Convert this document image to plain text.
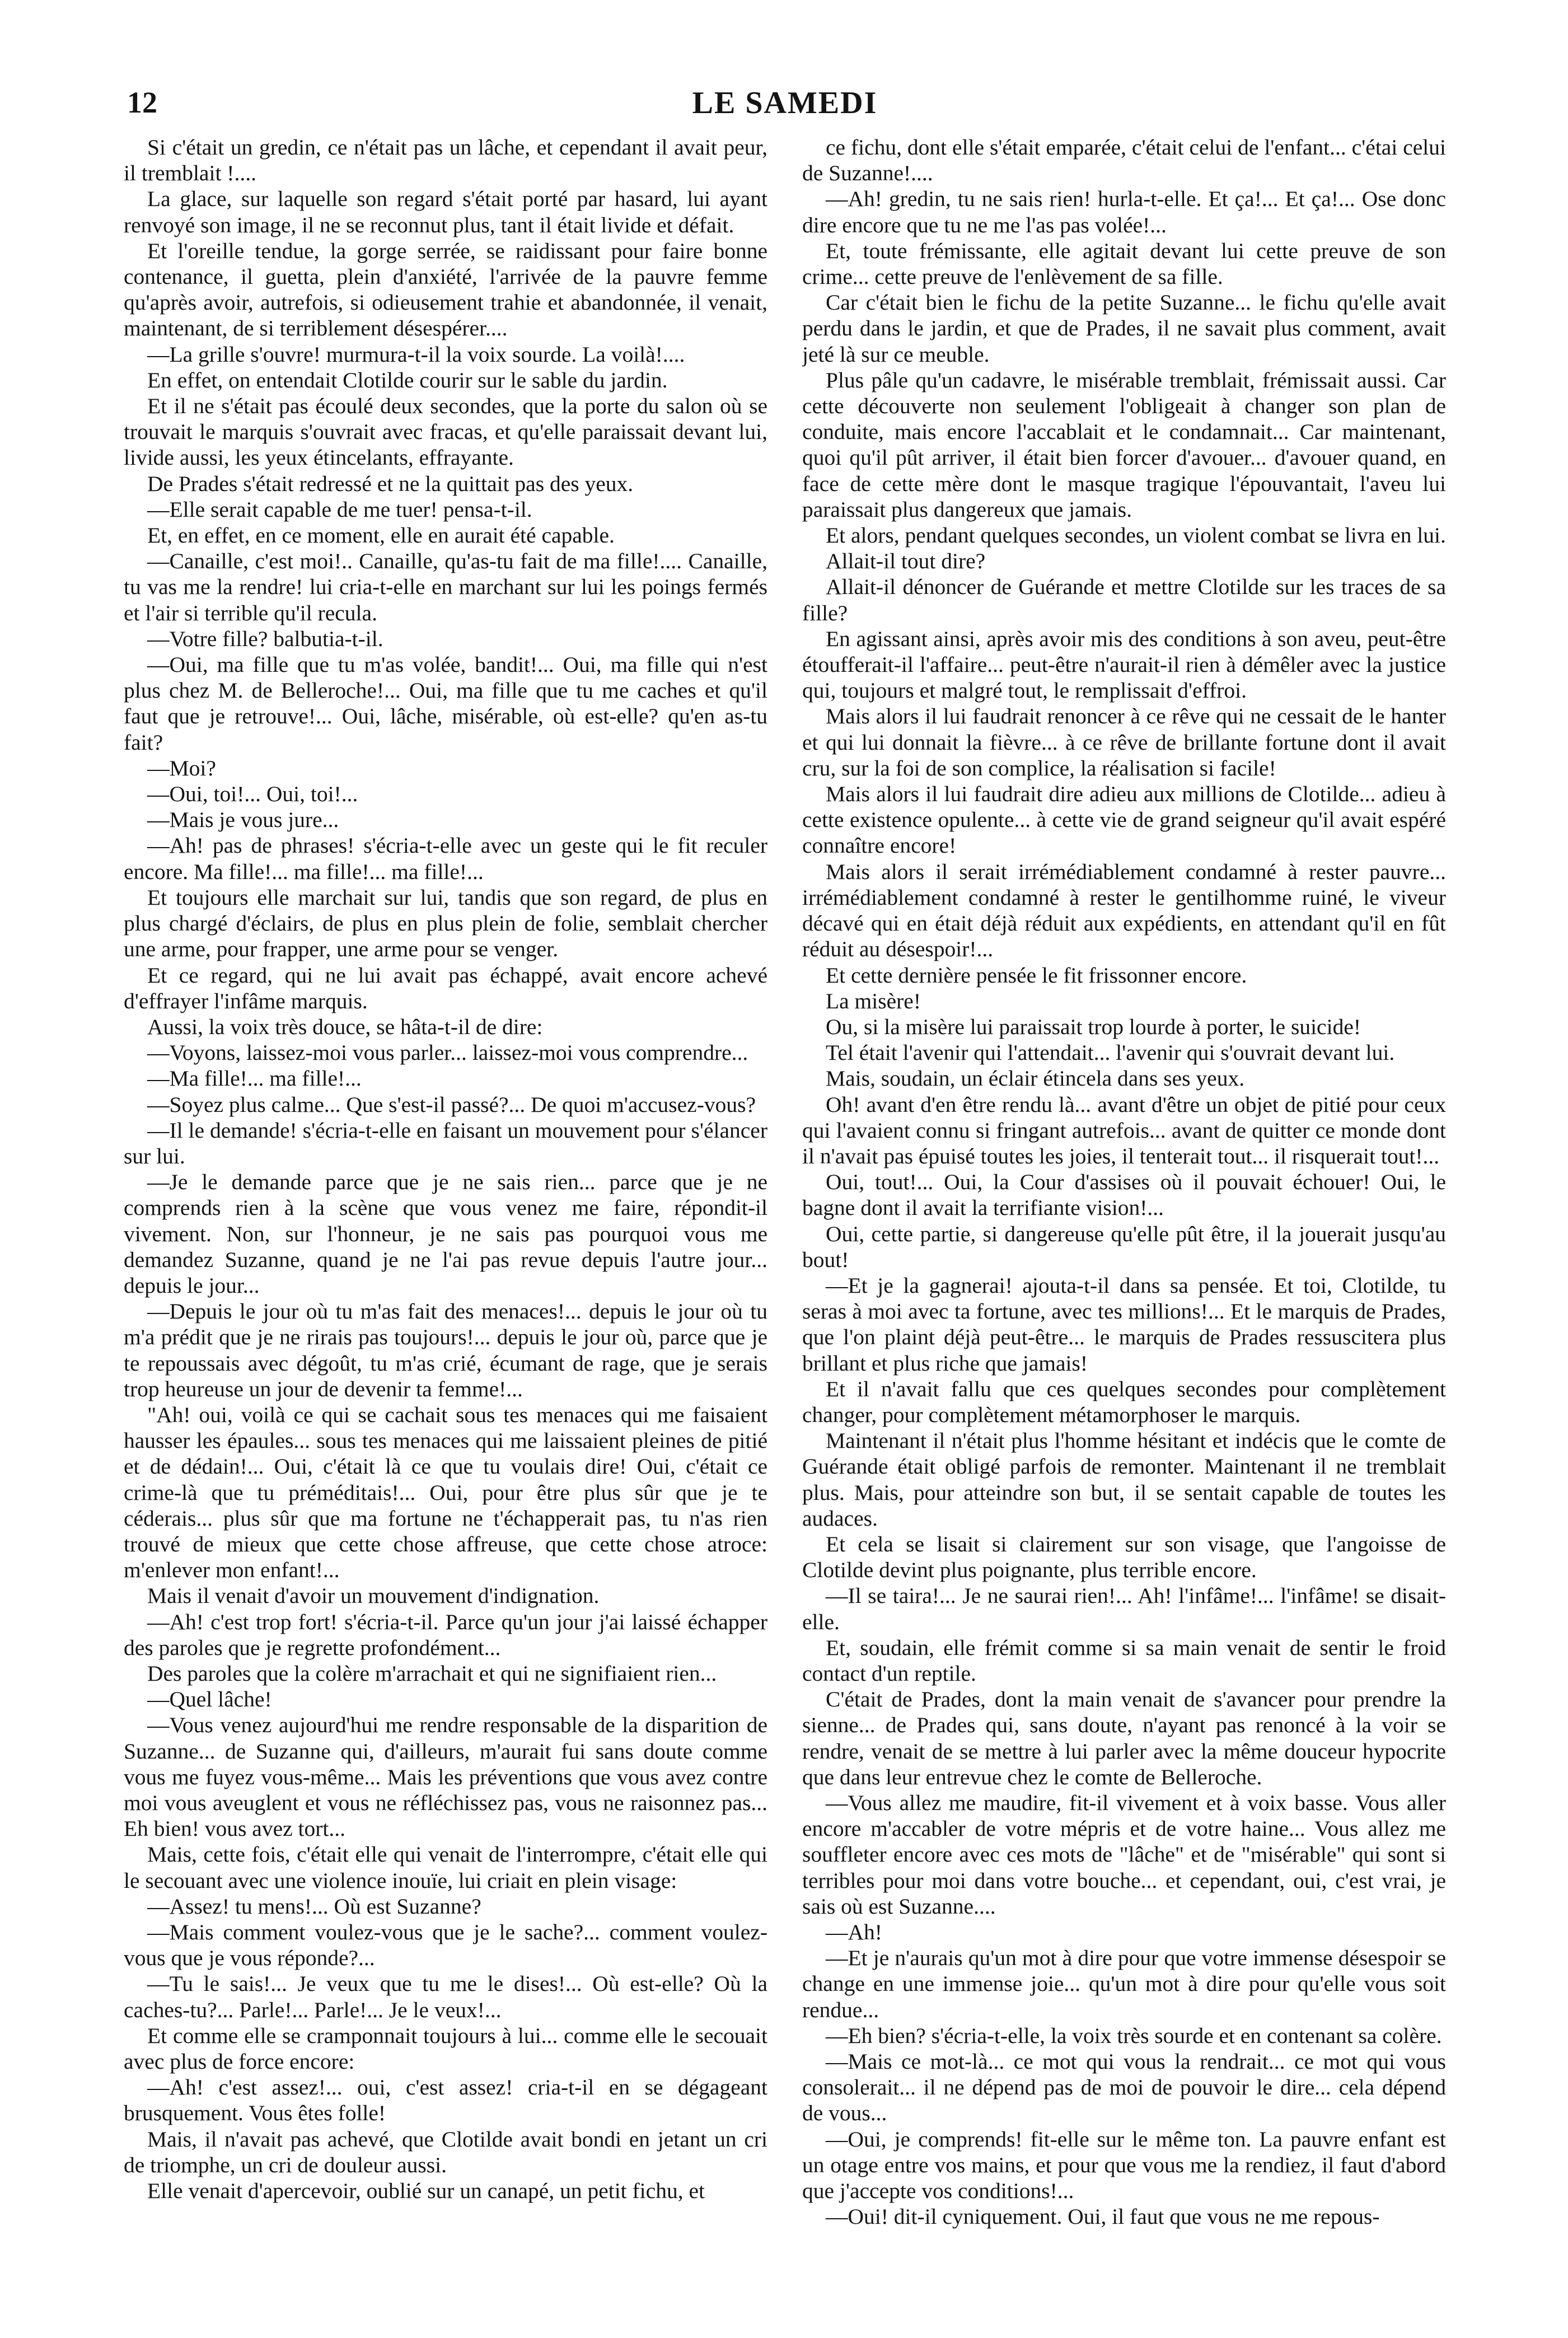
12	LE SAMEDI

Si c'était un gredin, ce n'était pas un lâche, et cependant il avait peur, il tremblait !....

La glace, sur laquelle son regard s'était porté par hasard, lui ayant renvoyé son image, il ne se reconnut plus, tant il était livide et défait.

Et l'oreille tendue, la gorge serrée, se raidissant pour faire bonne contenance, il guetta, plein d'anxiété, l'arrivée de la pauvre femme qu'après avoir, autrefois, si odieusement trahie et abandonnée, il venait, maintenant, de si terriblement désespérer....

—La grille s'ouvre! murmura-t-il la voix sourde. La voilà!....

En effet, on entendait Clotilde courir sur le sable du jardin.

Et il ne s'était pas écoulé deux secondes, que la porte du salon où se trouvait le marquis s'ouvrait avec fracas, et qu'elle paraissait devant lui, livide aussi, les yeux étincelants, effrayante.

De Prades s'était redressé et ne la quittait pas des yeux.

—Elle serait capable de me tuer! pensa-t-il.

Et, en effet, en ce moment, elle en aurait été capable.

—Canaille, c'est moi!.. Canaille, qu'as-tu fait de ma fille!.... Canaille, tu vas me la rendre! lui cria-t-elle en marchant sur lui les poings fermés et l'air si terrible qu'il recula.

—Votre fille? balbutia-t-il.

—Oui, ma fille que tu m'as volée, bandit!... Oui, ma fille qui n'est plus chez M. de Belleroche!... Oui, ma fille que tu me caches et qu'il faut que je retrouve!... Oui, lâche, misérable, où est-elle? qu'en as-tu fait?

—Moi?

—Oui, toi!... Oui, toi!...

—Mais je vous jure...

—Ah! pas de phrases! s'écria-t-elle avec un geste qui le fit reculer encore. Ma fille!... ma fille!... ma fille!...

Et toujours elle marchait sur lui, tandis que son regard, de plus en plus chargé d'éclairs, de plus en plus plein de folie, semblait chercher une arme, pour frapper, une arme pour se venger.

Et ce regard, qui ne lui avait pas échappé, avait encore achevé d'effrayer l'infâme marquis.

Aussi, la voix très douce, se hâta-t-il de dire:

—Voyons, laissez-moi vous parler... laissez-moi vous comprendre...

—Ma fille!... ma fille!...

—Soyez plus calme... Que s'est-il passé?... De quoi m'accusez-vous?

—Il le demande! s'écria-t-elle en faisant un mouvement pour s'élancer sur lui.

—Je le demande parce que je ne sais rien... parce que je ne comprends rien à la scène que vous venez me faire, répondit-il vivement. Non, sur l'honneur, je ne sais pas pourquoi vous me demandez Suzanne, quand je ne l'ai pas revue depuis l'autre jour... depuis le jour...

—Depuis le jour où tu m'as fait des menaces!... depuis le jour où tu m'a prédit que je ne rirais pas toujours!... depuis le jour où, parce que je te repoussais avec dégoût, tu m'as crié, écumant de rage, que je serais trop heureuse un jour de devenir ta femme!...

"Ah! oui, voilà ce qui se cachait sous tes menaces qui me faisaient hausser les épaules... sous tes menaces qui me laissaient pleines de pitié et de dédain!... Oui, c'était là ce que tu voulais dire! Oui, c'était ce crime-là que tu préméditais!... Oui, pour être plus sûr que je te céderais... plus sûr que ma fortune ne t'échapperait pas, tu n'as rien trouvé de mieux que cette chose affreuse, que cette chose atroce: m'enlever mon enfant!...

Mais il venait d'avoir un mouvement d'indignation.

—Ah! c'est trop fort! s'écria-t-il. Parce qu'un jour j'ai laissé échapper des paroles que je regrette profondément...

Des paroles que la colère m'arrachait et qui ne signifiaient rien...

—Quel lâche!

—Vous venez aujourd'hui me rendre responsable de la disparition de Suzanne... de Suzanne qui, d'ailleurs, m'aurait fui sans doute comme vous me fuyez vous-même... Mais les préventions que vous avez contre moi vous aveuglent et vous ne réfléchissez pas, vous ne raisonnez pas... Eh bien! vous avez tort...

Mais, cette fois, c'était elle qui venait de l'interrompre, c'était elle qui le secouant avec une violence inouïe, lui criait en plein visage:

—Assez! tu mens!... Où est Suzanne?

—Mais comment voulez-vous que je le sache?... comment voulez-vous que je vous réponde?...

—Tu le sais!... Je veux que tu me le dises!... Où est-elle? Où la caches-tu?... Parle!... Parle!... Je le veux!...

Et comme elle se cramponnait toujours à lui... comme elle le secouait avec plus de force encore:

—Ah! c'est assez!... oui, c'est assez! cria-t-il en se dégageant brusquement. Vous êtes folle!

Mais, il n'avait pas achevé, que Clotilde avait bondi en jetant un cri de triomphe, un cri de douleur aussi.

Elle venait d'apercevoir, oublié sur un canapé, un petit fichu, et

ce fichu, dont elle s'était emparée, c'était celui de l'enfant... c'étai celui de Suzanne!....

—Ah! gredin, tu ne sais rien! hurla-t-elle. Et ça!... Et ça!... Ose donc dire encore que tu ne me l'as pas volée!...

Et, toute frémissante, elle agitait devant lui cette preuve de son crime... cette preuve de l'enlèvement de sa fille.

Car c'était bien le fichu de la petite Suzanne... le fichu qu'elle avait perdu dans le jardin, et que de Prades, il ne savait plus comment, avait jeté là sur ce meuble.

Plus pâle qu'un cadavre, le misérable tremblait, frémissait aussi. Car cette découverte non seulement l'obligeait à changer son plan de conduite, mais encore l'accablait et le condamnait... Car maintenant, quoi qu'il pût arriver, il était bien forcer d'avouer... d'avouer quand, en face de cette mère dont le masque tragique l'épouvantait, l'aveu lui paraissait plus dangereux que jamais.

Et alors, pendant quelques secondes, un violent combat se livra en lui.

Allait-il tout dire?

Allait-il dénoncer de Guérande et mettre Clotilde sur les traces de sa fille?

En agissant ainsi, après avoir mis des conditions à son aveu, peut-être étoufferait-il l'affaire... peut-être n'aurait-il rien à démêler avec la justice qui, toujours et malgré tout, le remplissait d'effroi.

Mais alors il lui faudrait renoncer à ce rêve qui ne cessait de le hanter et qui lui donnait la fièvre... à ce rêve de brillante fortune dont il avait cru, sur la foi de son complice, la réalisation si facile!

Mais alors il lui faudrait dire adieu aux millions de Clotilde... adieu à cette existence opulente... à cette vie de grand seigneur qu'il avait espéré connaître encore!

Mais alors il serait irrémédiablement condamné à rester pauvre... irrémédiablement condamné à rester le gentilhomme ruiné, le viveur décavé qui en était déjà réduit aux expédients, en attendant qu'il en fût réduit au désespoir!...

Et cette dernière pensée le fit frissonner encore.

La misère!

Ou, si la misère lui paraissait trop lourde à porter, le suicide!

Tel était l'avenir qui l'attendait... l'avenir qui s'ouvrait devant lui.

Mais, soudain, un éclair étincela dans ses yeux.

Oh! avant d'en être rendu là... avant d'être un objet de pitié pour ceux qui l'avaient connu si fringant autrefois... avant de quitter ce monde dont il n'avait pas épuisé toutes les joies, il tenterait tout... il risquerait tout!...

Oui, tout!... Oui, la Cour d'assises où il pouvait échouer! Oui, le bagne dont il avait la terrifiante vision!...

Oui, cette partie, si dangereuse qu'elle pût être, il la jouerait jusqu'au bout!

—Et je la gagnerai! ajouta-t-il dans sa pensée. Et toi, Clotilde, tu seras à moi avec ta fortune, avec tes millions!... Et le marquis de Prades, que l'on plaint déjà peut-être... le marquis de Prades ressuscitera plus brillant et plus riche que jamais!

Et il n'avait fallu que ces quelques secondes pour complètement changer, pour complètement métamorphoser le marquis.

Maintenant il n'était plus l'homme hésitant et indécis que le comte de Guérande était obligé parfois de remonter. Maintenant il ne tremblait plus. Mais, pour atteindre son but, il se sentait capable de toutes les audaces.

Et cela se lisait si clairement sur son visage, que l'angoisse de Clotilde devint plus poignante, plus terrible encore.

—Il se taira!... Je ne saurai rien!... Ah! l'infâme!... l'infâme! se disait-elle.

Et, soudain, elle frémit comme si sa main venait de sentir le froid contact d'un reptile.

C'était de Prades, dont la main venait de s'avancer pour prendre la sienne... de Prades qui, sans doute, n'ayant pas renoncé à la voir se rendre, venait de se mettre à lui parler avec la même douceur hypocrite que dans leur entrevue chez le comte de Belleroche.

—Vous allez me maudire, fit-il vivement et à voix basse. Vous aller encore m'accabler de votre mépris et de votre haine... Vous allez me souffleter encore avec ces mots de "lâche" et de "misérable" qui sont si terribles pour moi dans votre bouche... et cependant, oui, c'est vrai, je sais où est Suzanne....

—Ah!

—Et je n'aurais qu'un mot à dire pour que votre immense désespoir se change en une immense joie... qu'un mot à dire pour qu'elle vous soit rendue...

—Eh bien? s'écria-t-elle, la voix très sourde et en contenant sa colère.

—Mais ce mot-là... ce mot qui vous la rendrait... ce mot qui vous consolerait... il ne dépend pas de moi de pouvoir le dire... cela dépend de vous...

—Oui, je comprends! fit-elle sur le même ton. La pauvre enfant est un otage entre vos mains, et pour que vous me la rendiez, il faut d'abord que j'accepte vos conditions!...

—Oui! dit-il cyniquement. Oui, il faut que vous ne me repous-
